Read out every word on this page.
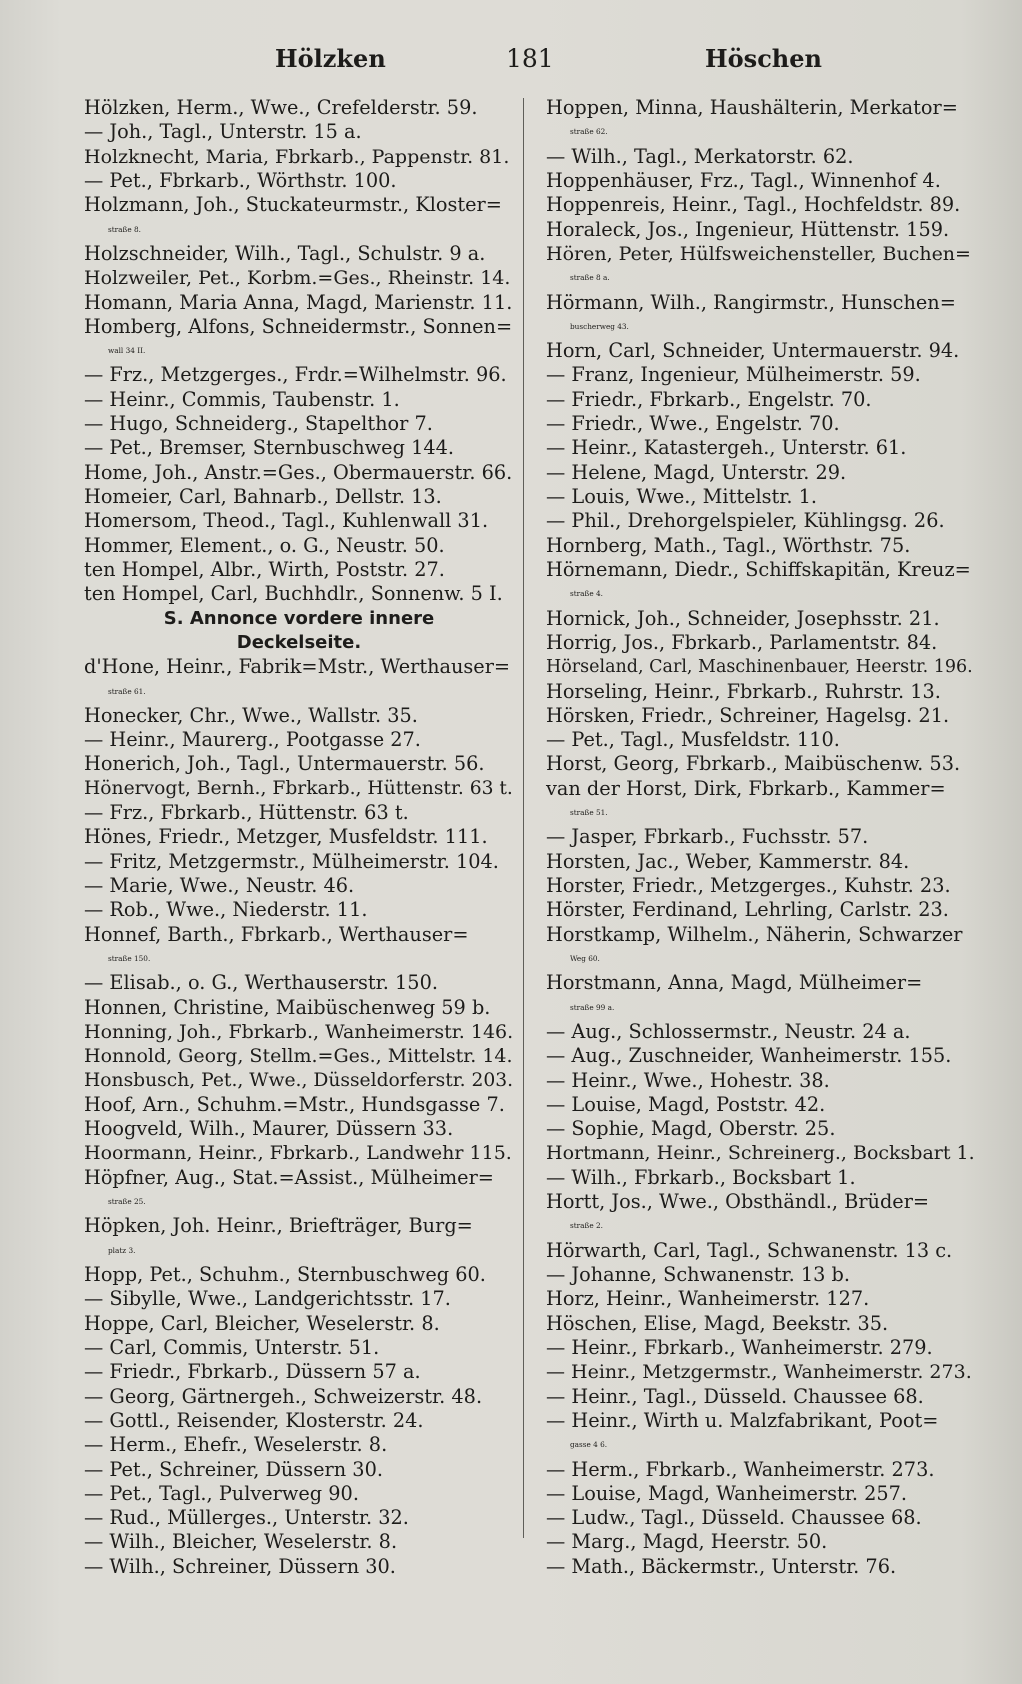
Hölzken	181	Höschen
Hölzken, Herm., Wwe., Crefelderstr. 59.
— Joh., Tagl., Unterstr. 15 a.
Holzknecht, Maria, Fbrkarb., Pappenstr. 81.
— Pet., Fbrkarb., Wörthstr. 100.
Holzmann, Joh., Stuckateurmstr., Kloster=
straße 8.
Holzschneider, Wilh., Tagl., Schulstr. 9 a.
Holzweiler, Pet., Korbm.=Ges., Rheinstr. 14.
Homann, Maria Anna, Magd, Marienstr. 11.
Homberg, Alfons, Schneidermstr., Sonnen=
wall 34 II.
— Frz., Metzgerges., Frdr.=Wilhelmstr. 96.
— Heinr., Commis, Taubenstr. 1.
— Hugo, Schneiderg., Stapelthor 7.
— Pet., Bremser, Sternbuschweg 144.
Home, Joh., Anstr.=Ges., Obermauerstr. 66.
Homeier, Carl, Bahnarb., Dellstr. 13.
Homersom, Theod., Tagl., Kuhlenwall 31.
Hommer, Element., o. G., Neustr. 50.
ten Hompel, Albr., Wirth, Poststr. 27.
ten Hompel, Carl, Buchhdlr., Sonnenw. 5 I.
S. Annonce vordere innere
Deckelseite.
d'Hone, Heinr., Fabrik=Mstr., Werthauser=
straße 61.
Honecker, Chr., Wwe., Wallstr. 35.
— Heinr., Maurerg., Pootgasse 27.
Honerich, Joh., Tagl., Untermauerstr. 56.
Hönervogt, Bernh., Fbrkarb., Hüttenstr. 63 t.
— Frz., Fbrkarb., Hüttenstr. 63 t.
Hönes, Friedr., Metzger, Musfeldstr. 111.
— Fritz, Metzgermstr., Mülheimerstr. 104.
— Marie, Wwe., Neustr. 46.
— Rob., Wwe., Niederstr. 11.
Honnef, Barth., Fbrkarb., Werthauser=
straße 150.
— Elisab., o. G., Werthauserstr. 150.
Honnen, Christine, Maibüschenweg 59 b.
Honning, Joh., Fbrkarb., Wanheimerstr. 146.
Honnold, Georg, Stellm.=Ges., Mittelstr. 14.
Honsbusch, Pet., Wwe., Düsseldorferstr. 203.
Hoof, Arn., Schuhm.=Mstr., Hundsgasse 7.
Hoogveld, Wilh., Maurer, Düssern 33.
Hoormann, Heinr., Fbrkarb., Landwehr 115.
Höpfner, Aug., Stat.=Assist., Mülheimer=
straße 25.
Höpken, Joh. Heinr., Briefträger, Burg=
platz 3.
Hopp, Pet., Schuhm., Sternbuschweg 60.
— Sibylle, Wwe., Landgerichtsstr. 17.
Hoppe, Carl, Bleicher, Weselerstr. 8.
— Carl, Commis, Unterstr. 51.
— Friedr., Fbrkarb., Düssern 57 a.
— Georg, Gärtnergeh., Schweizerstr. 48.
— Gottl., Reisender, Klosterstr. 24.
— Herm., Ehefr., Weselerstr. 8.
— Pet., Schreiner, Düssern 30.
— Pet., Tagl., Pulverweg 90.
— Rud., Müllerges., Unterstr. 32.
— Wilh., Bleicher, Weselerstr. 8.
— Wilh., Schreiner, Düssern 30.
Hoppen, Minna, Haushälterin, Merkator=
straße 62.
— Wilh., Tagl., Merkatorstr. 62.
Hoppenhäuser, Frz., Tagl., Winnenhof 4.
Hoppenreis, Heinr., Tagl., Hochfeldstr. 89.
Horaleck, Jos., Ingenieur, Hüttenstr. 159.
Hören, Peter, Hülfsweichensteller, Buchen=
straße 8 a.
Hörmann, Wilh., Rangirmstr., Hunschen=
buscherweg 43.
Horn, Carl, Schneider, Untermauerstr. 94.
— Franz, Ingenieur, Mülheimerstr. 59.
— Friedr., Fbrkarb., Engelstr. 70.
— Friedr., Wwe., Engelstr. 70.
— Heinr., Katastergeh., Unterstr. 61.
— Helene, Magd, Unterstr. 29.
— Louis, Wwe., Mittelstr. 1.
— Phil., Drehorgelspieler, Kühlingsg. 26.
Hornberg, Math., Tagl., Wörthstr. 75.
Hörnemann, Diedr., Schiffskapitän, Kreuz=
straße 4.
Hornick, Joh., Schneider, Josephsstr. 21.
Horrig, Jos., Fbrkarb., Parlamentstr. 84.
Hörseland, Carl, Maschinenbauer, Heerstr. 196.
Horseling, Heinr., Fbrkarb., Ruhrstr. 13.
Hörsken, Friedr., Schreiner, Hagelsg. 21.
— Pet., Tagl., Musfeldstr. 110.
Horst, Georg, Fbrkarb., Maibüschenw. 53.
van der Horst, Dirk, Fbrkarb., Kammer=
straße 51.
— Jasper, Fbrkarb., Fuchsstr. 57.
Horsten, Jac., Weber, Kammerstr. 84.
Horster, Friedr., Metzgerges., Kuhstr. 23.
Hörster, Ferdinand, Lehrling, Carlstr. 23.
Horstkamp, Wilhelm., Näherin, Schwarzer
Weg 60.
Horstmann, Anna, Magd, Mülheimer=
straße 99 a.
— Aug., Schlossermstr., Neustr. 24 a.
— Aug., Zuschneider, Wanheimerstr. 155.
— Heinr., Wwe., Hohestr. 38.
— Louise, Magd, Poststr. 42.
— Sophie, Magd, Oberstr. 25.
Hortmann, Heinr., Schreinerg., Bocksbart 1.
— Wilh., Fbrkarb., Bocksbart 1.
Hortt, Jos., Wwe., Obsthändl., Brüder=
straße 2.
Hörwarth, Carl, Tagl., Schwanenstr. 13 c.
— Johanne, Schwanenstr. 13 b.
Horz, Heinr., Wanheimerstr. 127.
Höschen, Elise, Magd, Beekstr. 35.
— Heinr., Fbrkarb., Wanheimerstr. 279.
— Heinr., Metzgermstr., Wanheimerstr. 273.
— Heinr., Tagl., Düsseld. Chaussee 68.
— Heinr., Wirth u. Malzfabrikant, Poot=
gasse 4 6.
— Herm., Fbrkarb., Wanheimerstr. 273.
— Louise, Magd, Wanheimerstr. 257.
— Ludw., Tagl., Düsseld. Chaussee 68.
— Marg., Magd, Heerstr. 50.
— Math., Bäckermstr., Unterstr. 76.
